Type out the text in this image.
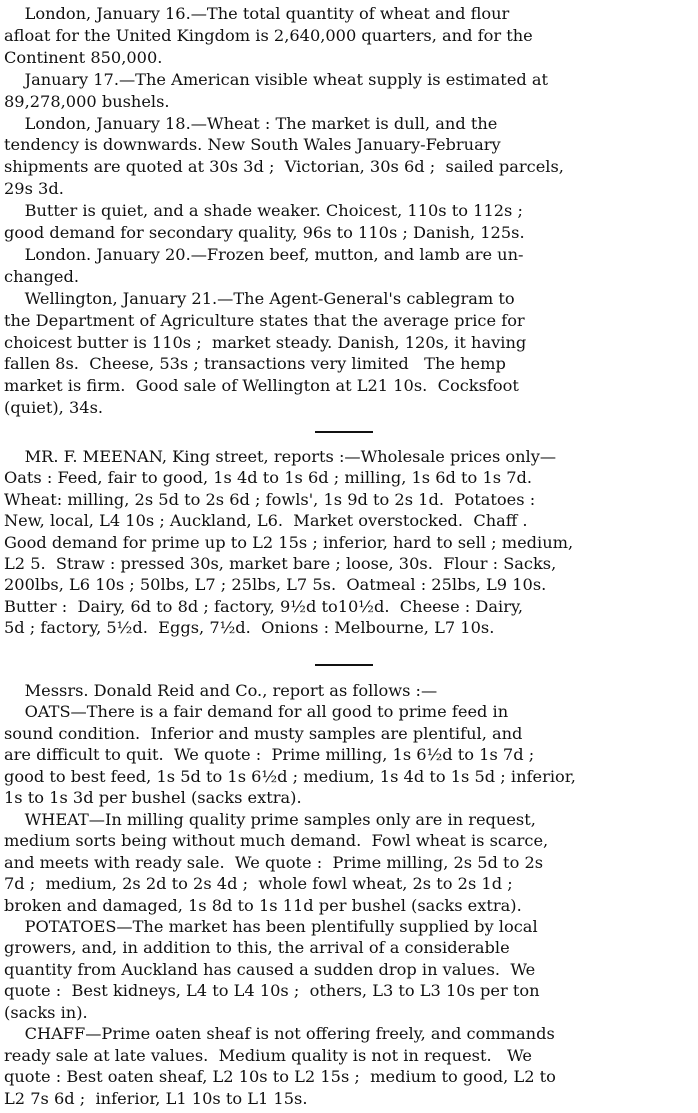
London, January 16.—The total quantity of wheat and flour
afloat for the United Kingdom is 2,640,000 quarters, and for the
Continent 850,000.
January 17.—The American visible wheat supply is estimated at
89,278,000 bushels.
London, January 18.—Wheat : The market is dull, and the
tendency is downwards. New South Wales January-February
shipments are quoted at 30s 3d ;  Victorian, 30s 6d ;  sailed parcels,
29s 3d.
Butter is quiet, and a shade weaker. Choicest, 110s to 112s ;
good demand for secondary quality, 96s to 110s ; Danish, 125s.
London. January 20.—Frozen beef, mutton, and lamb are un-
changed.
Wellington, January 21.—The Agent-General's cablegram to
the Department of Agriculture states that the average price for
choicest butter is 110s ;  market steady. Danish, 120s, it having
fallen 8s.  Cheese, 53s ; transactions very limited   The hemp
market is firm.  Good sale of Wellington at L21 10s.  Cocksfoot
(quiet), 34s.
MR. F. MEENAN, King street, reports :—Wholesale prices only—
Oats : Feed, fair to good, 1s 4d to 1s 6d ; milling, 1s 6d to 1s 7d.
Wheat: milling, 2s 5d to 2s 6d ; fowls', 1s 9d to 2s 1d.  Potatoes :
New, local, L4 10s ; Auckland, L6.  Market overstocked.  Chaff .
Good demand for prime up to L2 15s ; inferior, hard to sell ; medium,
L2 5.  Straw : pressed 30s, market bare ; loose, 30s.  Flour : Sacks,
200lbs, L6 10s ; 50lbs, L7 ; 25lbs, L7 5s.  Oatmeal : 25lbs, L9 10s.
Butter :  Dairy, 6d to 8d ; factory, 9½d to10½d.  Cheese : Dairy,
5d ; factory, 5½d.  Eggs, 7½d.  Onions : Melbourne, L7 10s.
Messrs. Donald Reid and Co., report as follows :—
OATS—There is a fair demand for all good to prime feed in
sound condition.  Inferior and musty samples are plentiful, and
are difficult to quit.  We quote :  Prime milling, 1s 6½d to 1s 7d ;
good to best feed, 1s 5d to 1s 6½d ; medium, 1s 4d to 1s 5d ; inferior,
1s to 1s 3d per bushel (sacks extra).
WHEAT—In milling quality prime samples only are in request,
medium sorts being without much demand.  Fowl wheat is scarce,
and meets with ready sale.  We quote :  Prime milling, 2s 5d to 2s
7d ;  medium, 2s 2d to 2s 4d ;  whole fowl wheat, 2s to 2s 1d ;
broken and damaged, 1s 8d to 1s 11d per bushel (sacks extra).
POTATOES—The market has been plentifully supplied by local
growers, and, in addition to this, the arrival of a considerable
quantity from Auckland has caused a sudden drop in values.  We
quote :  Best kidneys, L4 to L4 10s ;  others, L3 to L3 10s per ton
(sacks in).
CHAFF—Prime oaten sheaf is not offering freely, and commands
ready sale at late values.  Medium quality is not in request.   We
quote : Best oaten sheaf, L2 10s to L2 15s ;  medium to good, L2 to
L2 7s 6d ;  inferior, L1 10s to L1 15s.
